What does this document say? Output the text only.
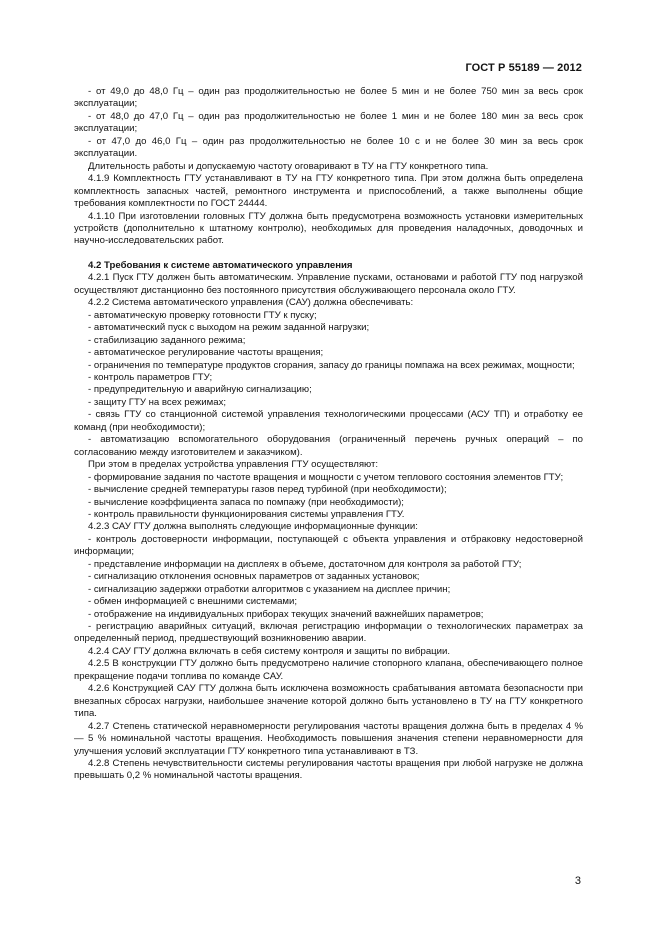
ГОСТ Р 55189 — 2012

- от 49,0 до 48,0 Гц – один раз продолжительностью не более 5 мин и не более 750 мин за весь срок эксплуатации;

- от 48,0 до 47,0 Гц – один раз продолжительностью не более 1 мин и не более 180 мин за весь срок эксплуатации;

- от 47,0 до 46,0 Гц – один раз продолжительностью не более 10 с и не более 30 мин за весь срок эксплуатации.

Длительность работы и допускаемую частоту оговаривают в ТУ на ГТУ конкретного типа.

4.1.9 Комплектность ГТУ устанавливают в ТУ на ГТУ конкретного типа. При этом должна быть определена комплектность запасных частей, ремонтного инструмента и приспособлений, а также выполнены общие требования комплектности по ГОСТ 24444.

4.1.10 При изготовлении головных ГТУ должна быть предусмотрена возможность установки измерительных устройств (дополнительно к штатному контролю), необходимых для проведения наладочных, доводочных и научно-исследовательских работ.

4.2 Требования к системе автоматического управления

4.2.1 Пуск ГТУ должен быть автоматическим. Управление пусками, остановами и работой ГТУ под нагрузкой осуществляют дистанционно без постоянного присутствия обслуживающего персонала около ГТУ.

4.2.2 Система автоматического управления (САУ) должна обеспечивать:

- автоматическую проверку готовности ГТУ к пуску;

- автоматический пуск с выходом на режим заданной нагрузки;

- стабилизацию заданного режима;

- автоматическое регулирование частоты вращения;

- ограничения по температуре продуктов сгорания, запасу до границы помпажа на всех режимах, мощности;

- контроль параметров ГТУ;

- предупредительную и аварийную сигнализацию;

- защиту ГТУ на всех режимах;

- связь ГТУ со станционной системой управления технологическими процессами (АСУ ТП) и отработку ее команд (при необходимости);

- автоматизацию вспомогательного оборудования (ограниченный перечень ручных операций – по согласованию между изготовителем и заказчиком).

При этом в пределах устройства управления ГТУ осуществляют:

- формирование задания по частоте вращения и мощности с учетом теплового состояния элементов ГТУ;

- вычисление средней температуры газов перед турбиной (при необходимости);

- вычисление коэффициента запаса по помпажу (при необходимости);

- контроль правильности функционирования системы управления ГТУ.

4.2.3 САУ ГТУ должна выполнять следующие информационные функции:

- контроль достоверности информации, поступающей с объекта управления и отбраковку недостоверной информации;

- представление информации на дисплеях в объеме, достаточном для контроля за работой ГТУ;

- сигнализацию отклонения основных параметров от заданных установок;

- сигнализацию задержки отработки алгоритмов с указанием на дисплее причин;

- обмен информацией с внешними системами;

- отображение на индивидуальных приборах текущих значений важнейших параметров;

- регистрацию аварийных ситуаций, включая регистрацию информации о технологических параметрах за определенный период, предшествующий возникновению аварии.

4.2.4 САУ ГТУ должна включать в себя систему контроля и защиты по вибрации.

4.2.5 В конструкции ГТУ должно быть предусмотрено наличие стопорного клапана, обеспечивающего полное прекращение подачи топлива по команде САУ.

4.2.6 Конструкцией САУ ГТУ должна быть исключена возможность срабатывания автомата безопасности при внезапных сбросах нагрузки, наибольшее значение которой должно быть установлено в ТУ на ГТУ конкретного типа.

4.2.7 Степень статической неравномерности регулирования частоты вращения должна быть в пределах 4 %— 5 % номинальной частоты вращения. Необходимость повышения значения степени неравномерности для улучшения условий эксплуатации ГТУ конкретного типа устанавливают в ТЗ.

4.2.8 Степень нечувствительности системы регулирования частоты вращения при любой нагрузке не должна превышать 0,2 % номинальной частоты вращения.

3
